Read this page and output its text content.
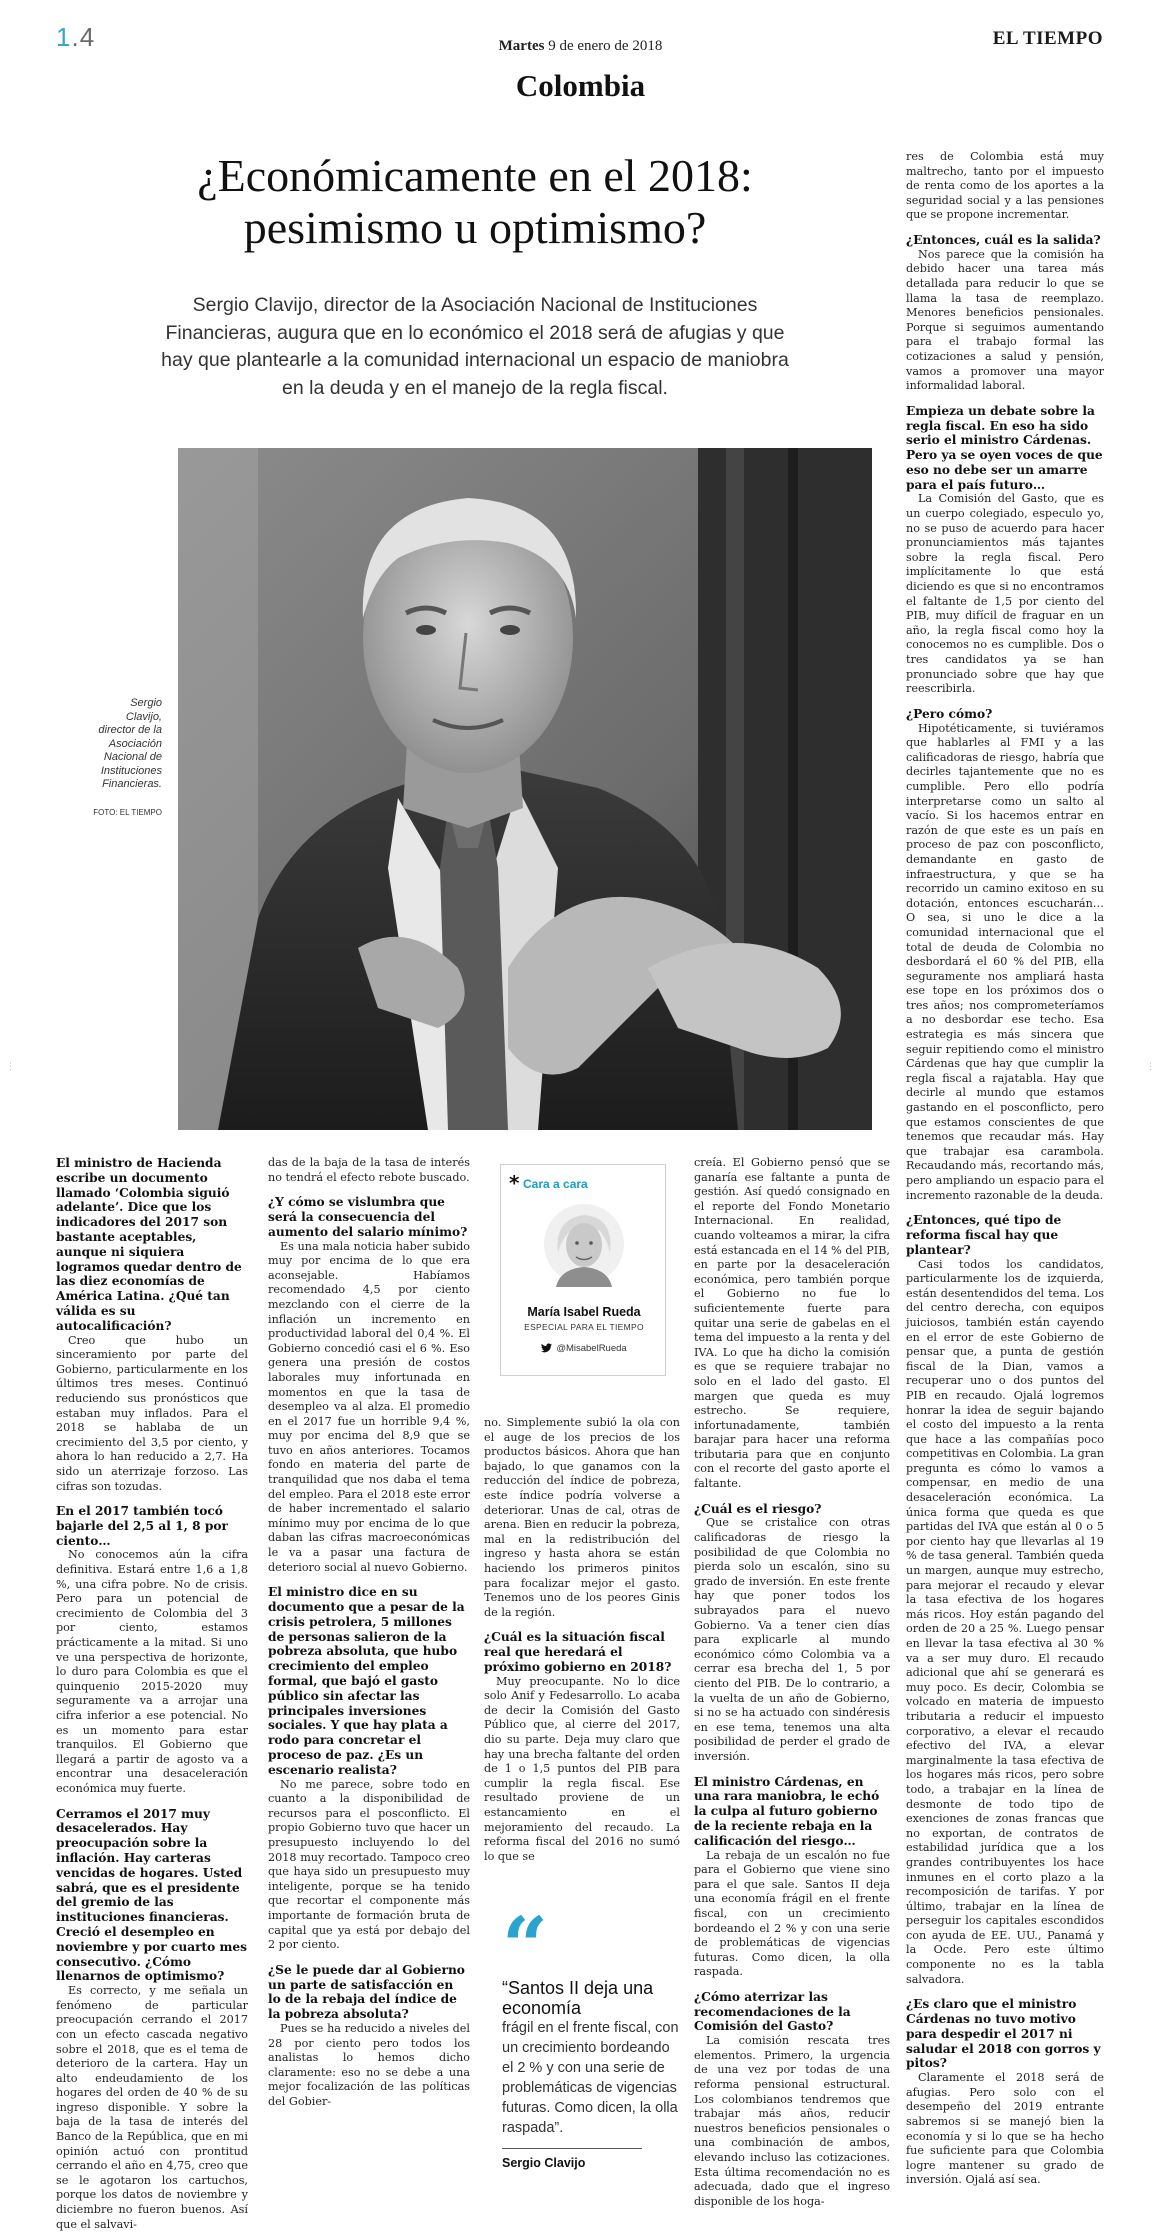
1.4	Martes 9 de enero de 2018	EL TIEMPO
Colombia
¿Económicamente en el 2018: pesimismo u optimismo?
Sergio Clavijo, director de la Asociación Nacional de Instituciones Financieras, augura que en lo económico el 2018 será de afugias y que hay que plantearle a la comunidad internacional un espacio de maniobra en la deuda y en el manejo de la regla fiscal.
Sergio Clavijo, director de la Asociación Nacional de Instituciones Financieras.
FOTO: EL TIEMPO

res de Colombia está muy maltrecho, tanto por el impuesto de renta como de los aportes a la seguridad social y a las pensiones que se propone incrementar.

¿Entonces, cuál es la salida?

Nos parece que la comisión ha debido hacer una tarea más detallada para reducir lo que se llama la tasa de reemplazo. Menores beneficios pensionales. Porque si seguimos aumentando para el trabajo formal las cotizaciones a salud y pensión, vamos a promover una mayor informalidad laboral.

Empieza un debate sobre la regla fiscal. En eso ha sido serio el ministro Cárdenas. Pero ya se oyen voces de que eso no debe ser un amarre para el país futuro…

La Comisión del Gasto, que es un cuerpo colegiado, especulo yo, no se puso de acuerdo para hacer pronunciamientos más tajantes sobre la regla fiscal. Pero implícitamente lo que está diciendo es que si no encontramos el faltante de 1,5 por ciento del PIB, muy difícil de fraguar en un año, la regla fiscal como hoy la conocemos no es cumplible. Dos o tres candidatos ya se han pronunciado sobre que hay que reescribirla.

¿Pero cómo?

Hipotéticamente, si tuviéramos que hablarles al FMI y a las calificadoras de riesgo, habría que decirles tajantemente que no es cumplible. Pero ello podría interpretarse como un salto al vacío. Si los hacemos entrar en razón de que este es un país en proceso de paz con posconflicto, demandante en gasto de infraestructura, y que se ha recorrido un camino exitoso en su dotación, entonces escucharán… O sea, si uno le dice a la comunidad internacional que el total de deuda de Colombia no desbordará el 60 % del PIB, ella seguramente nos ampliará hasta ese tope en los próximos dos o tres años; nos comprometeríamos a no desbordar ese techo. Esa estrategia es más sincera que seguir repitiendo como el ministro Cárdenas que hay que cumplir la regla fiscal a rajatabla. Hay que decirle al mundo que estamos gastando en el posconflicto, pero que estamos conscientes de que tenemos que recaudar más. Hay que trabajar esa carambola. Recaudando más, recortando más, pero ampliando un espacio para el incremento razonable de la deuda.

¿Entonces, qué tipo de reforma fiscal hay que plantear?

Casi todos los candidatos, particularmente los de izquierda, están desentendidos del tema. Los del centro derecha, con equipos juiciosos, también están cayendo en el error de este Gobierno de pensar que, a punta de gestión fiscal de la Dian, vamos a recuperar uno o dos puntos del PIB en recaudo. Ojalá logremos honrar la idea de seguir bajando el costo del impuesto a la renta que hace a las compañías poco competitivas en Colombia. La gran pregunta es cómo lo vamos a compensar, en medio de una desaceleración económica. La única forma que queda es que partidas del IVA que están al 0 o 5 por ciento hay que llevarlas al 19 % de tasa general. También queda un margen, aunque muy estrecho, para mejorar el recaudo y elevar la tasa efectiva de los hogares más ricos. Hoy están pagando del orden de 20 a 25 %. Luego pensar en llevar la tasa efectiva al 30 % va a ser muy duro. El recaudo adicional que ahí se generará es muy poco. Es decir, Colombia se volcado en materia de impuesto tributaria a reducir el impuesto corporativo, a elevar el recaudo efectivo del IVA, a elevar marginalmente la tasa efectiva de los hogares más ricos, pero sobre todo, a trabajar en la línea de desmonte de todo tipo de exenciones de zonas francas que no exportan, de contratos de estabilidad jurídica que a los grandes contribuyentes los hace inmunes en el corto plazo a la recomposición de tarifas. Y por último, trabajar en la línea de perseguir los capitales escondidos con ayuda de EE. UU., Panamá y la Ocde. Pero este último componente no es la tabla salvadora.

¿Es claro que el ministro Cárdenas no tuvo motivo para despedir el 2017 ni saludar el 2018 con gorros y pitos?

Claramente el 2018 será de afugias. Pero solo con el desempeño del 2019 entrante sabremos si se manejó bien la economía y si lo que se ha hecho fue suficiente para que Colombia logre mantener su grado de inversión. Ojalá así sea.

El ministro de Hacienda escribe un documento llamado ‘Colombia siguió adelante’. Dice que los indicadores del 2017 son bastante aceptables, aunque ni siquiera logramos quedar dentro de las diez economías de América Latina. ¿Qué tan válida es su autocalificación?

Creo que hubo un sinceramiento por parte del Gobierno, particularmente en los últimos tres meses. Continuó reduciendo sus pronósticos que estaban muy inflados. Para el 2018 se hablaba de un crecimiento del 3,5 por ciento, y ahora lo han reducido a 2,7. Ha sido un aterrizaje forzoso. Las cifras son tozudas.

En el 2017 también tocó bajarle del 2,5 al 1, 8 por ciento…

No conocemos aún la cifra definitiva. Estará entre 1,6 a 1,8 %, una cifra pobre. No de crisis. Pero para un potencial de crecimiento de Colombia del 3 por ciento, estamos prácticamente a la mitad. Si uno ve una perspectiva de horizonte, lo duro para Colombia es que el quinquenio 2015-2020 muy seguramente va a arrojar una cifra inferior a ese potencial. No es un momento para estar tranquilos. El Gobierno que llegará a partir de agosto va a encontrar una desaceleración económica muy fuerte.

Cerramos el 2017 muy desacelerados. Hay preocupación sobre la inflación. Hay carteras vencidas de hogares. Usted sabrá, que es el presidente del gremio de las instituciones financieras. Creció el desempleo en noviembre y por cuarto mes consecutivo. ¿Cómo llenarnos de optimismo?

Es correcto, y me señala un fenómeno de particular preocupación cerrando el 2017 con un efecto cascada negativo sobre el 2018, que es el tema de deterioro de la cartera. Hay un alto endeudamiento de los hogares del orden de 40 % de su ingreso disponible. Y sobre la baja de la tasa de interés del Banco de la República, que en mi opinión actuó con prontitud cerrando el año en 4,75, creo que se le agotaron los cartuchos, porque los datos de noviembre y diciembre no fueron buenos. Así que el salvavi-

das de la baja de la tasa de interés no tendrá el efecto rebote buscado.

¿Y cómo se vislumbra que será la consecuencia del aumento del salario mínimo?

Es una mala noticia haber subido muy por encima de lo que era aconsejable. Habíamos recomendado 4,5 por ciento mezclando con el cierre de la inflación un incremento en productividad laboral del 0,4 %. El Gobierno concedió casi el 6 %. Eso genera una presión de costos laborales muy infortunada en momentos en que la tasa de desempleo va al alza. El promedio en el 2017 fue un horrible 9,4 %, muy por encima del 8,9 que se tuvo en años anteriores. Tocamos fondo en materia del parte de tranquilidad que nos daba el tema del empleo. Para el 2018 este error de haber incrementado el salario mínimo muy por encima de lo que daban las cifras macroeconómicas le va a pasar una factura de deterioro social al nuevo Gobierno.

El ministro dice en su documento que a pesar de la crisis petrolera, 5 millones de personas salieron de la pobreza absoluta, que hubo crecimiento del empleo formal, que bajó el gasto público sin afectar las principales inversiones sociales. Y que hay plata a rodo para concretar el proceso de paz. ¿Es un escenario realista?

No me parece, sobre todo en cuanto a la disponibilidad de recursos para el posconflicto. El propio Gobierno tuvo que hacer un presupuesto incluyendo lo del 2018 muy recortado. Tampoco creo que haya sido un presupuesto muy inteligente, porque se ha tenido que recortar el componente más importante de formación bruta de capital que ya está por debajo del 2 por ciento.

¿Se le puede dar al Gobierno un parte de satisfacción en lo de la rebaja del índice de la pobreza absoluta?

Pues se ha reducido a niveles del 28 por ciento pero todos los analistas lo hemos dicho claramente: eso no se debe a una mejor focalización de las políticas del Gobier-

no. Simplemente subió la ola con el auge de los precios de los productos básicos. Ahora que han bajado, lo que ganamos con la reducción del índice de pobreza, este índice podría volverse a deteriorar. Unas de cal, otras de arena. Bien en reducir la pobreza, mal en la redistribución del ingreso y hasta ahora se están haciendo los primeros pinitos para focalizar mejor el gasto. Tenemos uno de los peores Ginis de la región.

¿Cuál es la situación fiscal real que heredará el próximo gobierno en 2018?

Muy preocupante. No lo dice solo Anif y Fedesarrollo. Lo acaba de decir la Comisión del Gasto Público que, al cierre del 2017, dio su parte. Deja muy claro que hay una brecha faltante del orden de 1 o 1,5 puntos del PIB para cumplir la regla fiscal. Ese resultado proviene de un estancamiento en el mejoramiento del recaudo. La reforma fiscal del 2016 no sumó lo que se

creía. El Gobierno pensó que se ganaría ese faltante a punta de gestión. Así quedó consignado en el reporte del Fondo Monetario Internacional. En realidad, cuando volteamos a mirar, la cifra está estancada en el 14 % del PIB, en parte por la desaceleración económica, pero también porque el Gobierno no fue lo suficientemente fuerte para quitar una serie de gabelas en el tema del impuesto a la renta y del IVA. Lo que ha dicho la comisión es que se requiere trabajar no solo en el lado del gasto. El margen que queda es muy estrecho. Se requiere, infortunadamente, también barajar para hacer una reforma tributaria para que en conjunto con el recorte del gasto aporte el faltante.

¿Cuál es el riesgo?

Que se cristalice con otras calificadoras de riesgo la posibilidad de que Colombia no pierda solo un escalón, sino su grado de inversión. En este frente hay que poner todos los subrayados para el nuevo Gobierno. Va a tener cien días para explicarle al mundo económico cómo Colombia va a cerrar esa brecha del 1, 5 por ciento del PIB. De lo contrario, a la vuelta de un año de Gobierno, si no se ha actuado con sindéresis en ese tema, tenemos una alta posibilidad de perder el grado de inversión.

El ministro Cárdenas, en una rara maniobra, le echó la culpa al futuro gobierno de la reciente rebaja en la calificación del riesgo…

La rebaja de un escalón no fue para el Gobierno que viene sino para el que sale. Santos II deja una economía frágil en el frente fiscal, con un crecimiento bordeando el 2 % y con una serie de problemáticas de vigencias futuras. Como dicen, la olla raspada.

¿Cómo aterrizar las recomendaciones de la Comisión del Gasto?

La comisión rescata tres elementos. Primero, la urgencia de una vez por todas de una reforma pensional estructural. Los colombianos tendremos que trabajar más años, reducir nuestros beneficios pensionales o una combinación de ambos, elevando incluso las cotizaciones. Esta última recomendación no es adecuada, dado que el ingreso disponible de los hoga-

* Cara a cara
María Isabel Rueda
ESPECIAL PARA EL TIEMPO
@MisabelRueda
“
“Santos II deja una economía
frágil en el frente fiscal, con un crecimiento bordeando el 2 % y con una serie de problemáticas de vigencias futuras. Como dicen, la olla raspada”.
Sergio Clavijo
⋮	⋮
